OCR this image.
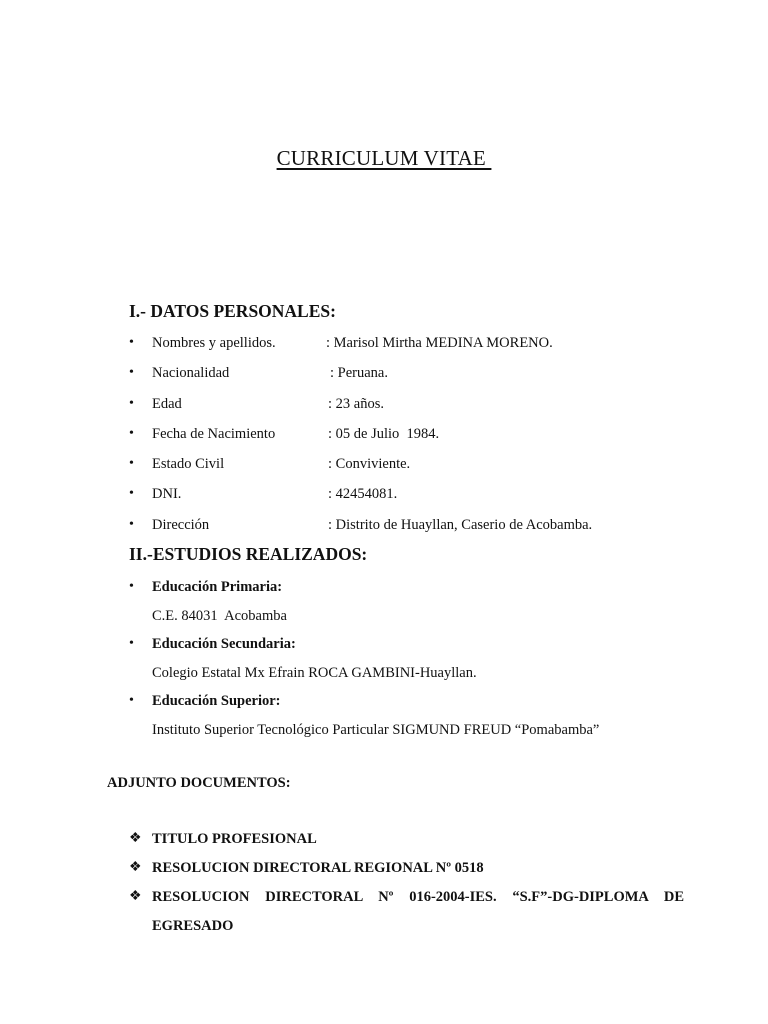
CURRICULUM VITAE
I.- DATOS PERSONALES:
• Nombres y apellidos.	: Marisol Mirtha MEDINA MORENO.
• Nacionalidad	: Peruana.
• Edad	: 23 años.
• Fecha de Nacimiento	: 05 de Julio  1984.
• Estado Civil	: Conviviente.
• DNI.	: 42454081.
• Dirección	: Distrito de Huayllan, Caserio de Acobamba.
II.-ESTUDIOS REALIZADOS:
• Educación Primaria:
C.E. 84031  Acobamba
• Educación Secundaria:
Colegio Estatal Mx Efrain ROCA GAMBINI-Huayllan.
• Educación Superior:
Instituto Superior Tecnológico Particular SIGMUND FREUD “Pomabamba”
ADJUNTO DOCUMENTOS:
❖ TITULO PROFESIONAL
❖ RESOLUCION DIRECTORAL REGIONAL Nº 0518
❖ RESOLUCION DIRECTORAL Nº 016-2004-IES. “S.F”-DG-DIPLOMA DE EGRESADO
